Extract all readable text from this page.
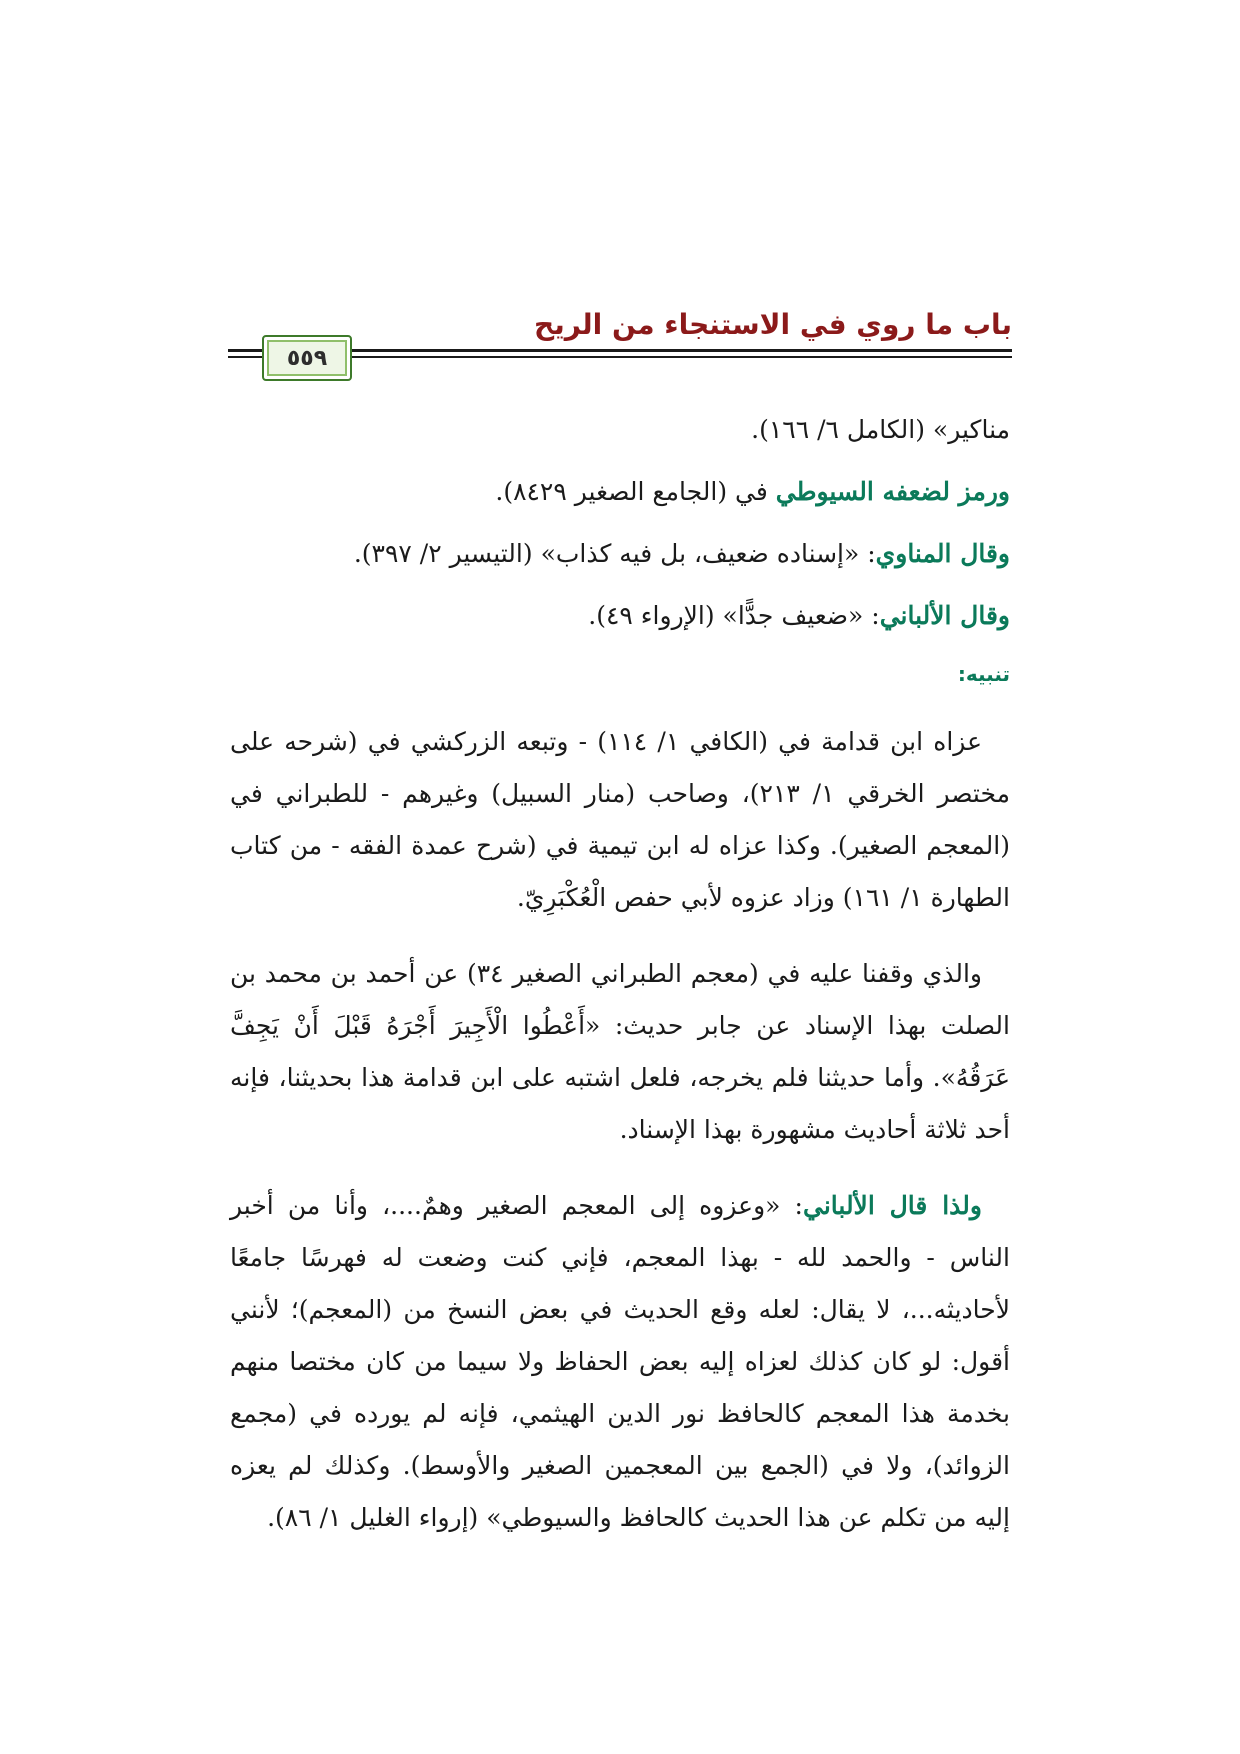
باب ما روي في الاستنجاء من الريح
٥٥٩
مناكير» (الكامل ٦/ ١٦٦).
ورمز لضعفه السيوطي في (الجامع الصغير ٨٤٢٩).
وقال المناوي: «إسناده ضعيف، بل فيه كذاب» (التيسير ٢/ ٣٩٧).
وقال الألباني: «ضعيف جدًّا» (الإرواء ٤٩).
تنبيه:
عزاه ابن قدامة في (الكافي ١/ ١١٤) - وتبعه الزركشي في (شرحه على مختصر الخرقي ١/ ٢١٣)، وصاحب (منار السبيل) وغيرهم - للطبراني في (المعجم الصغير). وكذا عزاه له ابن تيمية في (شرح عمدة الفقه - من كتاب الطهارة ١/ ١٦١) وزاد عزوه لأبي حفص الْعُكْبَرِيّ.
والذي وقفنا عليه في (معجم الطبراني الصغير ٣٤) عن أحمد بن محمد بن الصلت بهذا الإسناد عن جابر حديث: «أَعْطُوا الْأَجِيرَ أَجْرَهُ قَبْلَ أَنْ يَجِفَّ عَرَقُهُ». وأما حديثنا فلم يخرجه، فلعل اشتبه على ابن قدامة هذا بحديثنا، فإنه أحد ثلاثة أحاديث مشهورة بهذا الإسناد.
ولذا قال الألباني: «وعزوه إلى المعجم الصغير وهمٌ....، وأنا من أخبر الناس - والحمد لله - بهذا المعجم، فإني كنت وضعت له فهرسًا جامعًا لأحاديثه...، لا يقال: لعله وقع الحديث في بعض النسخ من (المعجم)؛ لأنني أقول: لو كان كذلك لعزاه إليه بعض الحفاظ ولا سيما من كان مختصا منهم بخدمة هذا المعجم كالحافظ نور الدين الهيثمي، فإنه لم يورده في (مجمع الزوائد)، ولا في (الجمع بين المعجمين الصغير والأوسط). وكذلك لم يعزه إليه من تكلم عن هذا الحديث كالحافظ والسيوطي» (إرواء الغليل ١/ ٨٦).
